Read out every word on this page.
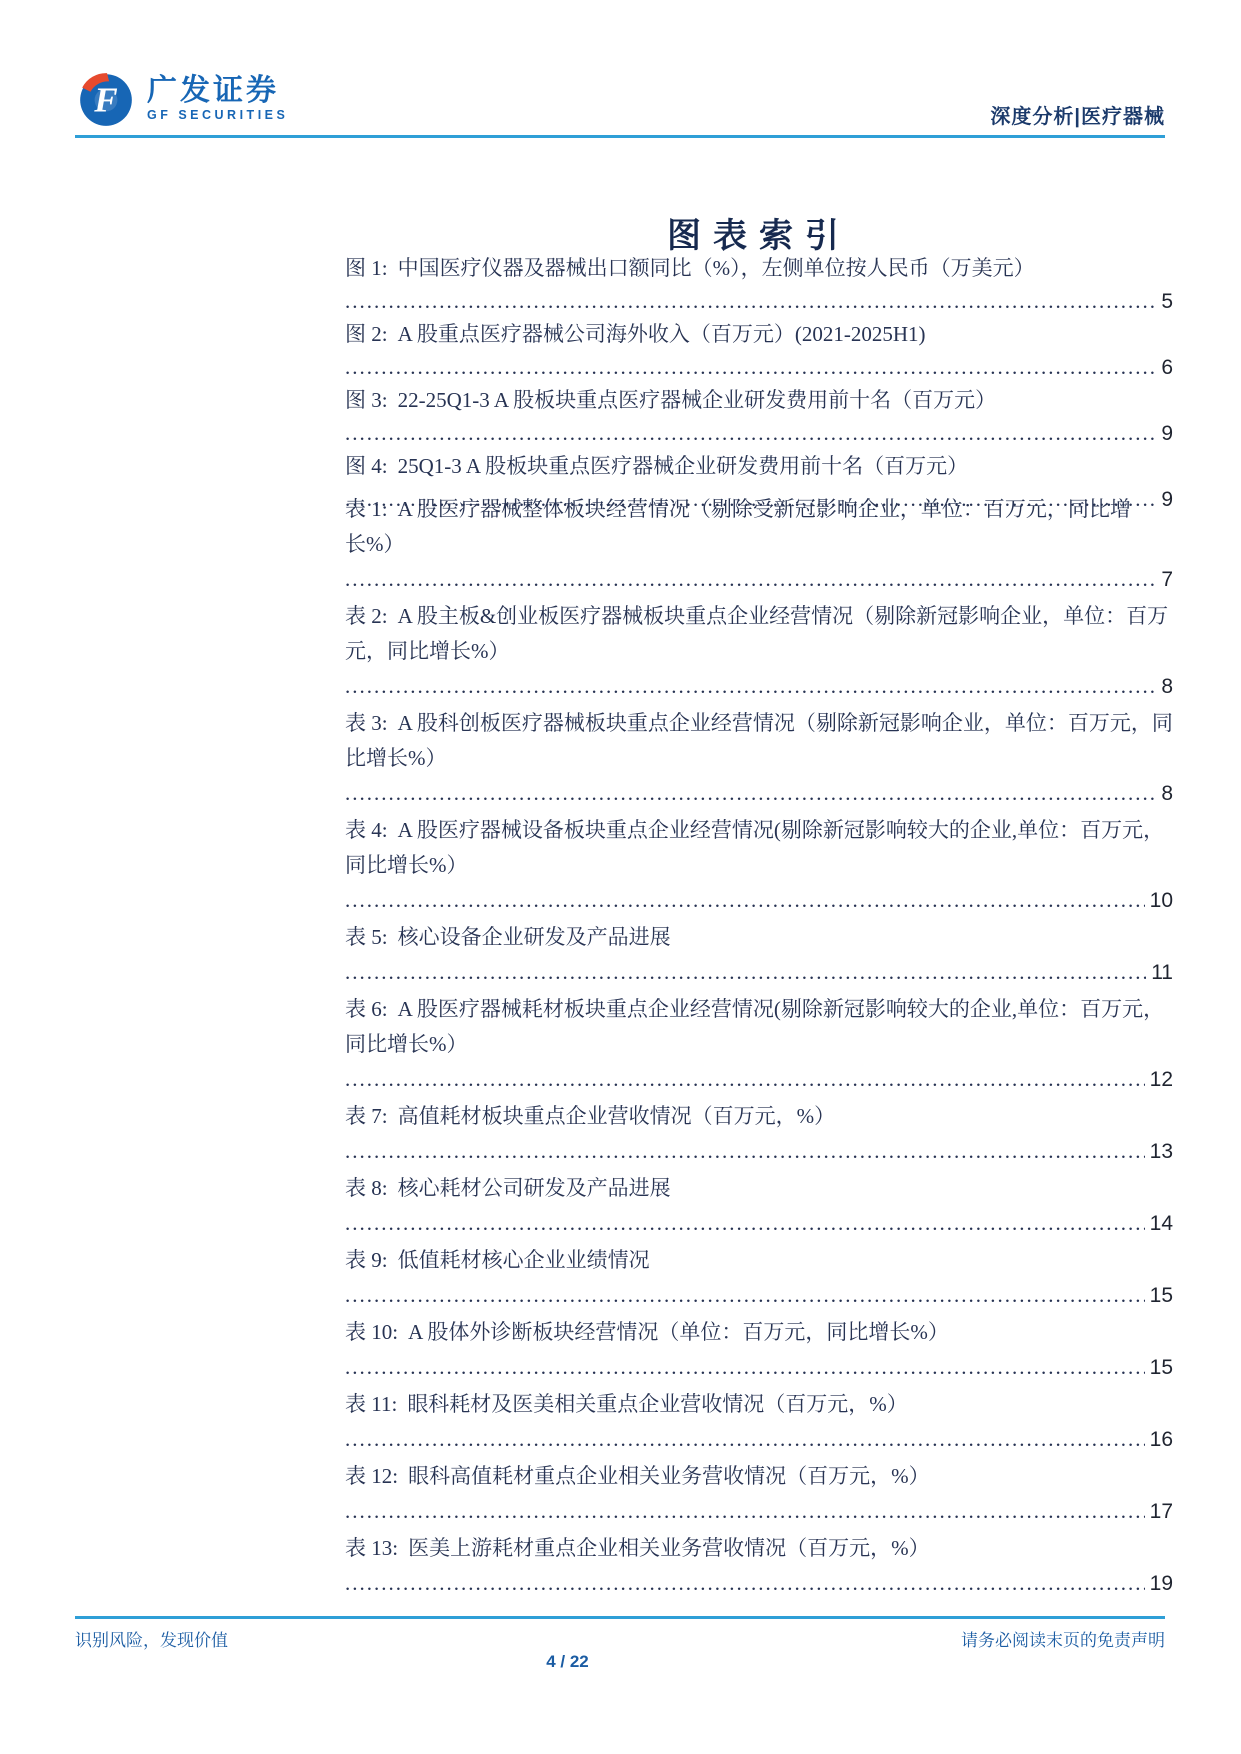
F 广发证券
GF SECURITIES	深度分析|医疗器械
图表索引
图 1: 中国医疗仪器及器械出口额同比（%），左侧单位按人民币（万美元） .....
5
图 2: A 股重点医疗器械公司海外收入（百万元）(2021-2025H1) .....
6
图 3: 22-25Q1-3 A 股板块重点医疗器械企业研发费用前十名（百万元） .....
9
图 4: 25Q1-3 A 股板块重点医疗器械企业研发费用前十名（百万元） .....
9
表 1: A 股医疗器械整体板块经营情况（剔除受新冠影响企业，单位：百万元，同比增长%） .....
7
表 2: A 股主板&创业板医疗器械板块重点企业经营情况（剔除新冠影响企业，单位：百万元，同比增长%） .....
8
表 3: A 股科创板医疗器械板块重点企业经营情况（剔除新冠影响企业，单位：百万元，同比增长%） .....
8
表 4: A 股医疗器械设备板块重点企业经营情况(剔除新冠影响较大的企业,单位：百万元，同比增长%） .....
10
表 5: 核心设备企业研发及产品进展 .....
11
表 6: A 股医疗器械耗材板块重点企业经营情况(剔除新冠影响较大的企业,单位：百万元，同比增长%） .....
12
表 7: 高值耗材板块重点企业营收情况（百万元，%） .....
13
表 8: 核心耗材公司研发及产品进展 .....
14
表 9: 低值耗材核心企业业绩情况 .....
15
表 10: A 股体外诊断板块经营情况（单位：百万元，同比增长%） .....
15
表 11: 眼科耗材及医美相关重点企业营收情况（百万元，%） .....
16
表 12: 眼科高值耗材重点企业相关业务营收情况（百万元，%） .....
17
表 13: 医美上游耗材重点企业相关业务营收情况（百万元，%） .....
19
识别风险，发现价值	请务必阅读末页的免责声明
4 / 22
